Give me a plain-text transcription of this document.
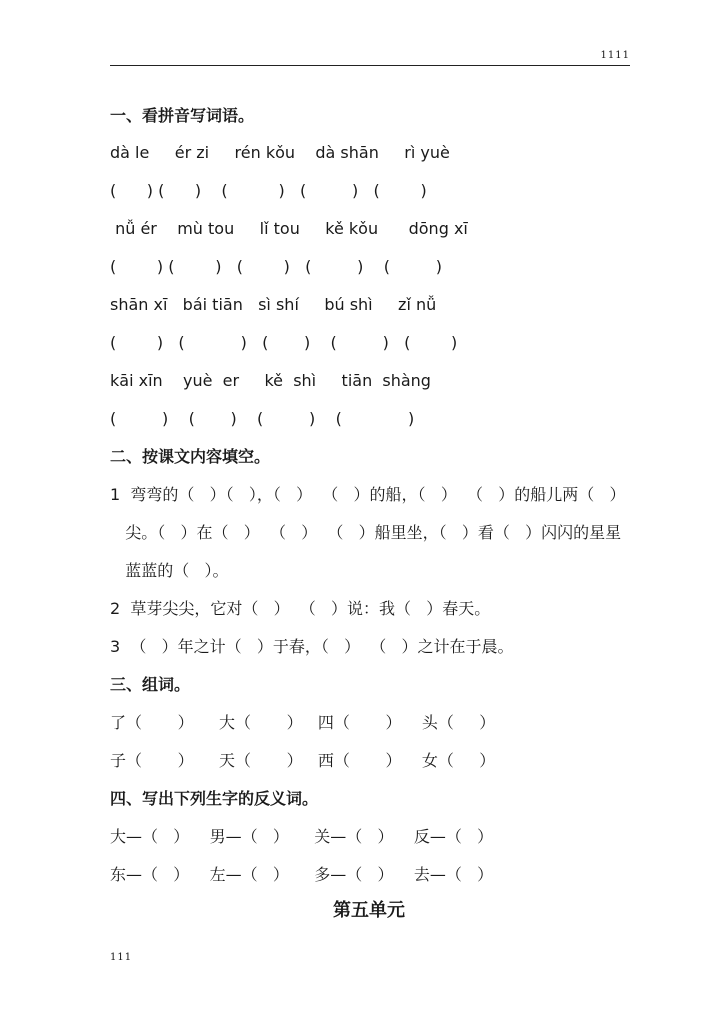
1111
一、看拼音写词语。
dà le     ér zi     rén kǒu    dà shān     rì yuè
(      ) (      )    (          )   (         )   (        )
nǚ ér    mù tou     lǐ tou     kě kǒu      dōng xī
(        ) (        )   (        )   (         )    (         )
shān xī   bái tiān   sì shí     bú shì     zǐ nǚ
(        )   (           )   (       )    (         )   (        )
kāi xīn    yuè  er     kě  shì     tiān  shàng
(         )    (       )    (         )    (             )
二、按课文内容填空。
1  弯弯的（   ）（   ），（   ）  （   ）的船，（   ）  （   ）的船儿两（   ）
尖。（   ）在（   ）  （   ）  （   ）船里坐，（   ）看（   ）闪闪的星星
蓝蓝的（   ）。
2  草芽尖尖，它对（   ）  （   ）说：我（   ）春天。
3  （   ）年之计（   ）于春，（   ）  （   ）之计在于晨。
三、组词。
了（       ）     大（       ）   四（       ）    头（     ）
子（       ）     天（       ）   西（       ）    女（     ）
四、写出下列生字的反义词。
大—（   ）    男—（   ）     关—（   ）    反—（   ）
东—（   ）    左—（   ）     多—（   ）    去—（   ）
第五单元
111
